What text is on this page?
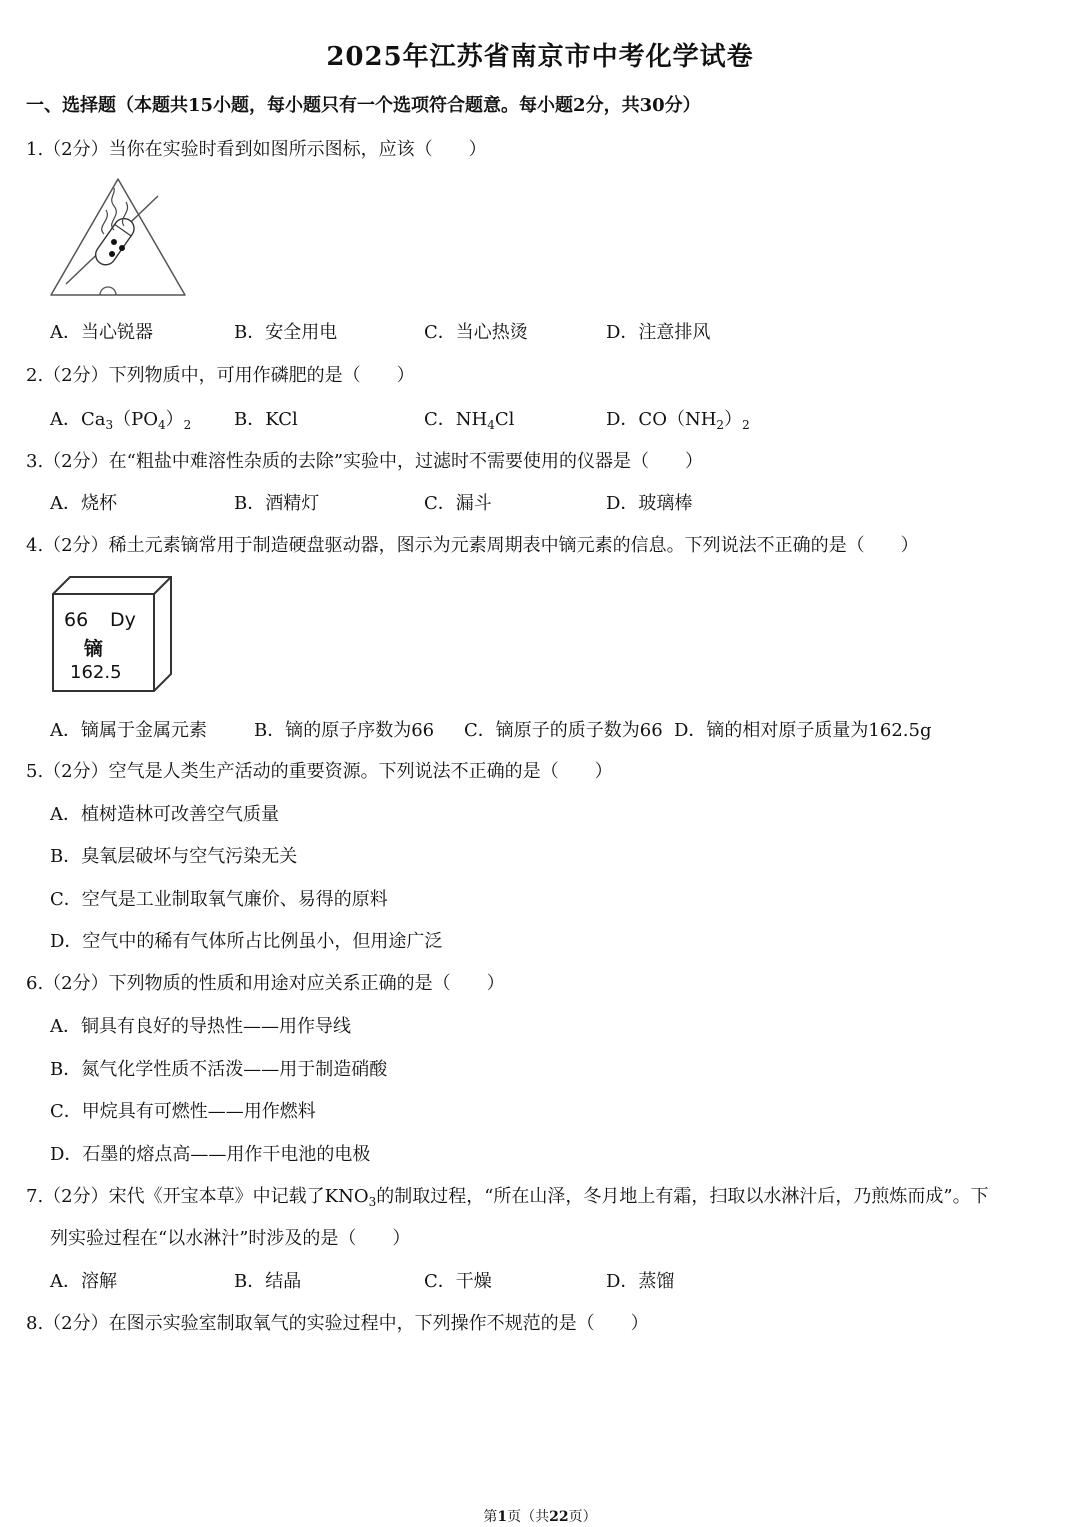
2025年江苏省南京市中考化学试卷
一、选择题（本题共15小题，每小题只有一个选项符合题意。每小题2分，共30分）
1.（2分）当你在实验时看到如图所示图标，应该（　　）
A．当心锐器	B．安全用电	C．当心热烫	D．注意排风
2.（2分）下列物质中，可用作磷肥的是（　　）
A．$Ca_3(PO_4)_2$ B．KCl	C．$NH_4Cl$	D．$CO(NH_2)_2$
3.（2分）在“粗盐中难溶性杂质的去除”实验中，过滤时不需要使用的仪器是（　　）
A．烧杯	B．酒精灯	C．漏斗	D．玻璃棒
4.（2分）稀土元素镝常用于制造硬盘驱动器，图示为元素周期表中镝元素的信息。下列说法不正确的是（　　）
66 Dy
镝
162.5
A．镝属于金属元素	B．镝的原子序数为66 C．镝原子的质子数为66 D．镝的相对原子质量为162.5g
5.（2分）空气是人类生产活动的重要资源。下列说法不正确的是（　　）
A．植树造林可改善空气质量
B．臭氧层破坏与空气污染无关
C．空气是工业制取氧气廉价、易得的原料
D．空气中的稀有气体所占比例虽小，但用途广泛
6.（2分）下列物质的性质和用途对应关系正确的是（　　）
A．铜具有良好的导热性——用作导线
B．氮气化学性质不活泼——用于制造硝酸
C．甲烷具有可燃性——用作燃料
D．石墨的熔点高——用作干电池的电极
7.（2分）宋代《开宝本草》中记载了$KNO_3$的制取过程，“所在山泽，冬月地上有霜，扫取以水淋汁后，乃煎炼而成”。下
列实验过程在“以水淋汁”时涉及的是（　　）
A．溶解	B．结晶	C．干燥	D．蒸馏
8.（2分）在图示实验室制取氧气的实验过程中，下列操作不规范的是（　　）
第1页（共22页）
